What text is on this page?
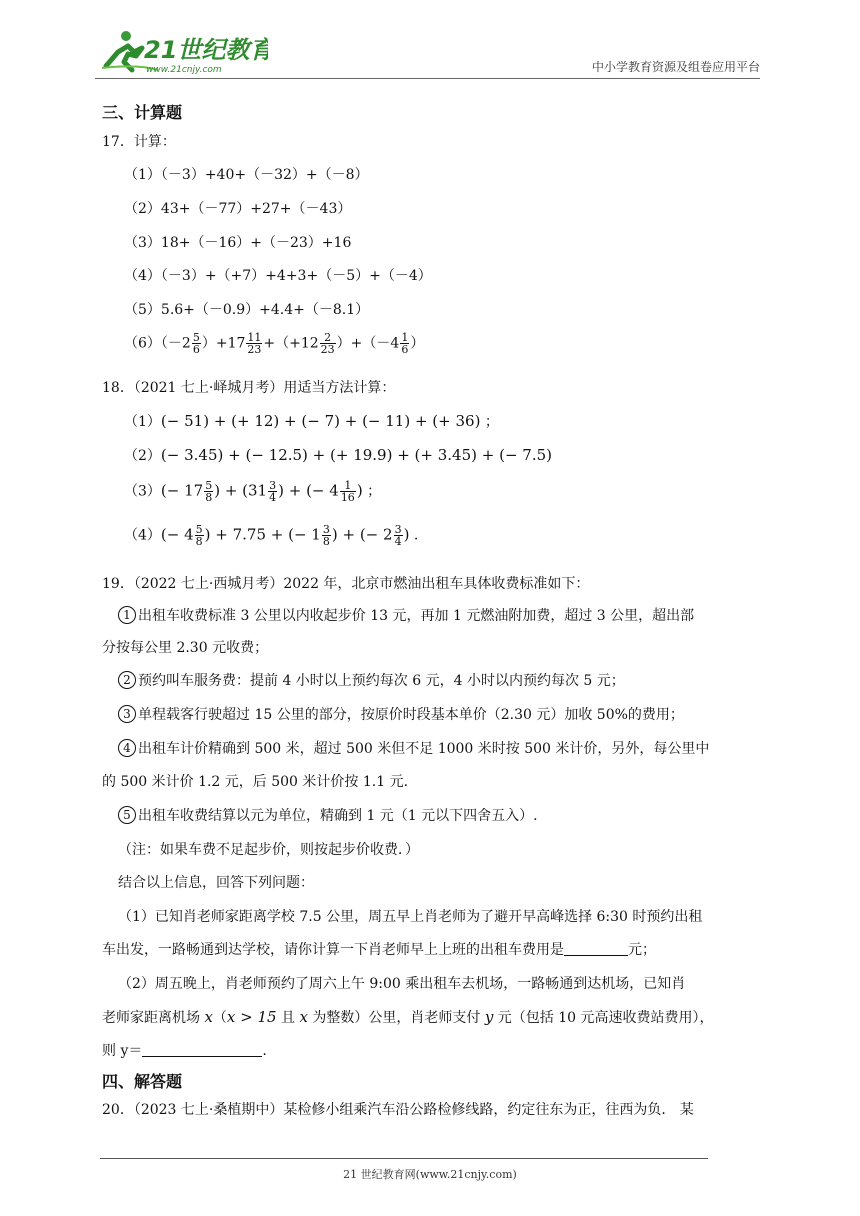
21世纪教育
www.21cnjy.com	中小学教育资源及组卷应用平台
三、计算题
17．计算：
（1）（－3）+40+（－32）+（－8）
（2）43+（－77）+27+（－43）
（3）18+（－16）+（－23）+16
（4）（－3）+（+7）+4+3+（－5）+（－4）
（5）5.6+（－0.9）+4.4+（－8.1）
$(6)(-2 \frac{5}{6} )+17 \frac{11}{23} +(+12 \frac{2}{23} )+(-4 \frac{1}{6}$ ）
18．（2021 七上·峄城月考）用适当方法计算：
（1）(− 51) + (+ 12) + (− 7) + (− 11) + (+ 36) ；
（2）(− 3.45) + (− 12.5) + (+ 19.9) + (+ 3.45) + (− 7.5)
$(3)(- 17 \frac{5}{8}$ ) + ($31 \frac{3}{4}$ ) + (− $4 \frac{1}{16}$ ) ；
$(4)(- 4 \frac{5}{8}$ ) + 7.75 + (− $1 \frac{3}{8}$ ) + (− $2 \frac{3}{4}$ ) .
19．（2022 七上·西城月考）2022 年，北京市燃油出租车具体收费标准如下：
1 出租车收费标准 3 公里以内收起步价 13 元，再加 1 元燃油附加费，超过 3 公里，超出部
分按每公里 2.30 元收费；
2 预约叫车服务费：提前 4 小时以上预约每次 6 元，4 小时以内预约每次 5 元；
3 单程载客行驶超过 15 公里的部分，按原价时段基本单价（2.30 元）加收 50%的费用；
4 出租车计价精确到 500 米，超过 500 米但不足 1000 米时按 500 米计价，另外，每公里中
的 500 米计价 1.2 元，后 500 米计价按 1.1 元.
5 出租车收费结算以元为单位，精确到 1 元（1 元以下四舍五入）.
（注：如果车费不足起步价，则按起步价收费．）
结合以上信息，回答下列问题：
（1）已知肖老师家距离学校 7.5 公里，周五早上肖老师为了避开早高峰选择 6:30 时预约出租
车出发，一路畅通到达学校，请你计算一下肖老师早上上班的出租车费用是	元；
（2）周五晚上，肖老师预约了周六上午 9:00 乘出租车去机场，一路畅通到达机场，已知肖
老师家距离机场 x（x > 15 且 x 为整数）公里，肖老师支付 y 元（包括 10 元高速收费站费用），
则 y＝	.
四、解答题
20．（2023 七上·桑植期中）某检修小组乘汽车沿公路检修线路，约定往东为正，往西为负． 某
21 世纪教育网(www.21cnjy.com)
